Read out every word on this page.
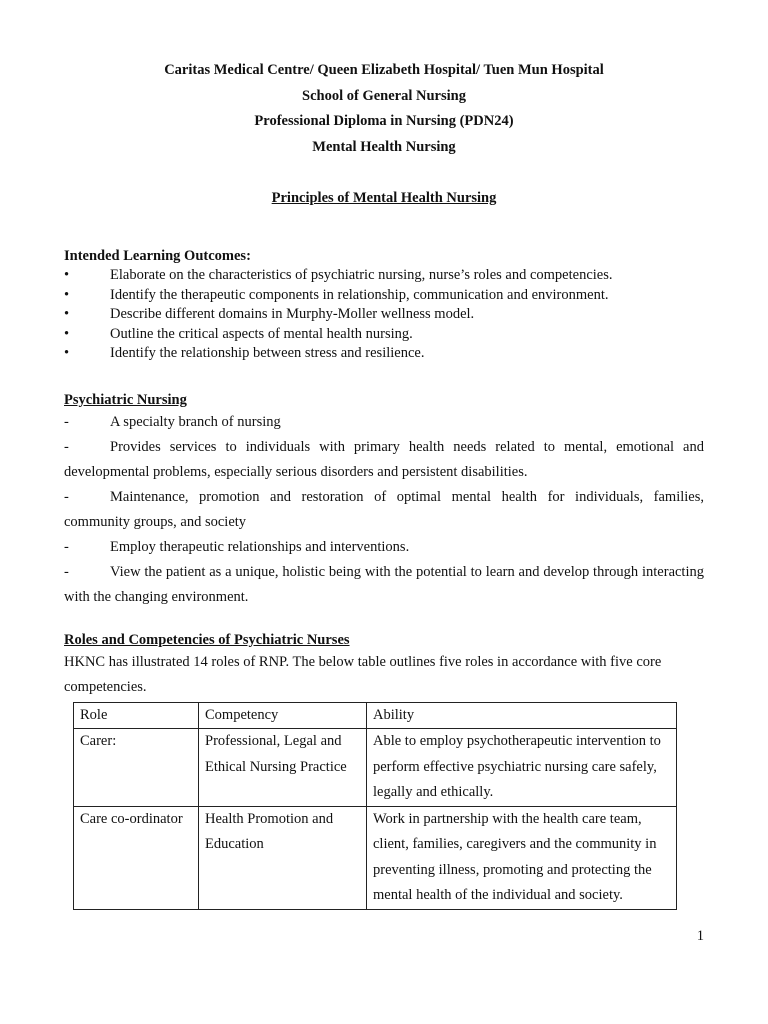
Caritas Medical Centre/ Queen Elizabeth Hospital/ Tuen Mun Hospital
School of General Nursing
Professional Diploma in Nursing (PDN24)
Mental Health Nursing
Principles of Mental Health Nursing
Intended Learning Outcomes:
•	Elaborate on the characteristics of psychiatric nursing, nurse’s roles and competencies.
•	Identify the therapeutic components in relationship, communication and environment.
•	Describe different domains in Murphy-Moller wellness model.
•	Outline the critical aspects of mental health nursing.
•	Identify the relationship between stress and resilience.
Psychiatric Nursing
-	A specialty branch of nursing
-	Provides services to individuals with primary health needs related to mental, emotional and developmental problems, especially serious disorders and persistent disabilities.
-	Maintenance, promotion and restoration of optimal mental health for individuals, families, community groups, and society
-	Employ therapeutic relationships and interventions.
-	View the patient as a unique, holistic being with the potential to learn and develop through interacting with the changing environment.
Roles and Competencies of Psychiatric Nurses
HKNC has illustrated 14 roles of RNP. The below table outlines five roles in accordance with five core competencies.
Role	Competency	Ability
Carer:	Professional, Legal and Ethical Nursing Practice	Able to employ psychotherapeutic intervention to perform effective psychiatric nursing care safely, legally and ethically.
Care co-ordinator	Health Promotion and Education	Work in partnership with the health care team, client, families, caregivers and the community in preventing illness, promoting and protecting the mental health of the individual and society.
1
